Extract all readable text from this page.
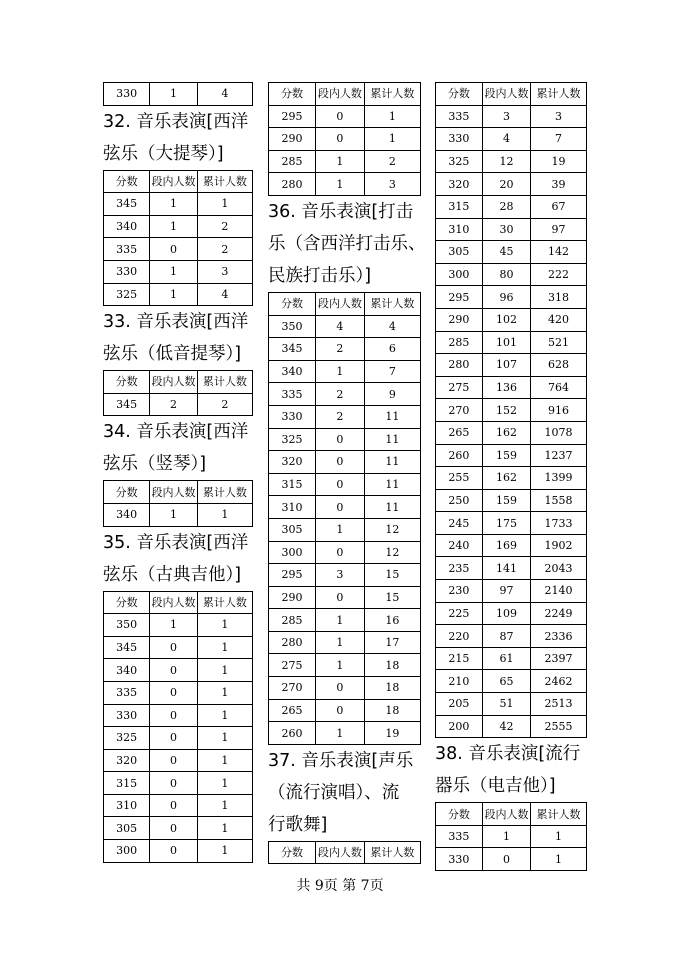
330	1	4
32. 音乐表演[西洋
弦乐（大提琴）]
分数	段内人数	累计人数
345	1	1
340	1	2
335	0	2
330	1	3
325	1	4
33. 音乐表演[西洋
弦乐（低音提琴）]
分数	段内人数	累计人数
345	2	2
34. 音乐表演[西洋
弦乐（竖琴）]
分数	段内人数	累计人数
340	1	1
35. 音乐表演[西洋
弦乐（古典吉他）]
分数	段内人数	累计人数
350	1	1
345	0	1
340	0	1
335	0	1
330	0	1
325	0	1
320	0	1
315	0	1
310	0	1
305	0	1
300	0	1
分数	段内人数	累计人数
295	0	1
290	0	1
285	1	2
280	1	3
36. 音乐表演[打击
乐（含西洋打击乐、
民族打击乐）]
分数	段内人数	累计人数
350	4	4
345	2	6
340	1	7
335	2	9
330	2	11
325	0	11
320	0	11
315	0	11
310	0	11
305	1	12
300	0	12
295	3	15
290	0	15
285	1	16
280	1	17
275	1	18
270	0	18
265	0	18
260	1	19
37. 音乐表演[声乐
（流行演唱）、流
行歌舞]
分数	段内人数	累计人数
分数	段内人数	累计人数
335	3	3
330	4	7
325	12	19
320	20	39
315	28	67
310	30	97
305	45	142
300	80	222
295	96	318
290	102	420
285	101	521
280	107	628
275	136	764
270	152	916
265	162	1078
260	159	1237
255	162	1399
250	159	1558
245	175	1733
240	169	1902
235	141	2043
230	97	2140
225	109	2249
220	87	2336
215	61	2397
210	65	2462
205	51	2513
200	42	2555
38. 音乐表演[流行
器乐（电吉他）]
分数	段内人数	累计人数
335	1	1
330	0	1
共 9页 第 7页
